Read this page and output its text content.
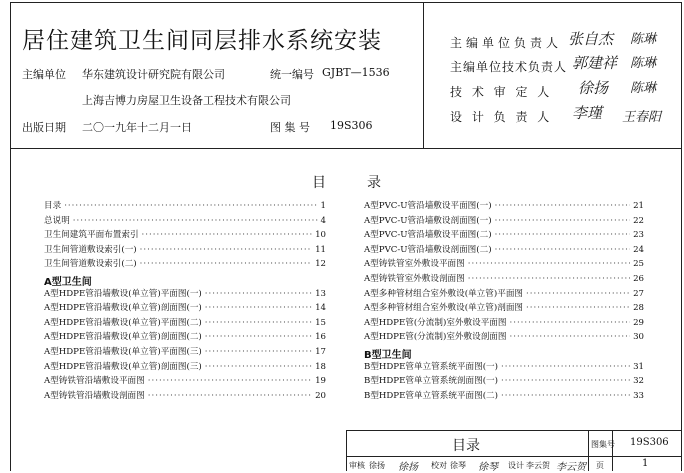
居住建筑卫生间同层排水系统安装
主编单位 华东建筑设计研究院有限公司	统一编号 GJBT—1536
上海吉博力房屋卫生设备工程技术有限公司
出版日期 二〇一九年十二月一日	图 集 号 19S306
主编单位负责人 张自杰 陈琳
主编单位技术负责人 郭建祥 陈琳
技 术 审 定 人 徐扬 陈琳
设 计 负 责 人 李瑾 王春阳
目	录
目录 ·····	1
总说明 ·····	4
卫生间建筑平面布置索引 ·····	10
卫生间管道敷设索引(一) ·····	11
卫生间管道敷设索引(二) ·····	12
A型卫生间
A型HDPE管沿墙敷设(单立管)平面图(一) ·····	13
A型HDPE管沿墙敷设(单立管)剖面图(一) ·····	14
A型HDPE管沿墙敷设(单立管)平面图(二) ·····	15
A型HDPE管沿墙敷设(单立管)剖面图(二) ·····	16
A型HDPE管沿墙敷设(单立管)平面图(三) ·····	17
A型HDPE管沿墙敷设(单立管)剖面图(三) ·····	18
A型铸铁管沿墙敷设平面图 ·····	19
A型铸铁管沿墙敷设剖面图 ·····	20
A型PVC-U管沿墙敷设平面图(一) ·····	21
A型PVC-U管沿墙敷设剖面图(一) ·····	22
A型PVC-U管沿墙敷设平面图(二) ·····	23
A型PVC-U管沿墙敷设剖面图(二) ·····	24
A型铸铁管室外敷设平面图 ·····	25
A型铸铁管室外敷设剖面图 ·····	26
A型多种管材组合室外敷设(单立管)平面图 ·····	27
A型多种管材组合室外敷设(单立管)剖面图 ·····	28
A型HDPE管(分流制)室外敷设平面图 ·····	29
A型HDPE管(分流制)室外敷设剖面图 ·····	30
B型卫生间
B型HDPE管单立管系统平面图(一) ·····	31
B型HDPE管单立管系统剖面图(一) ·····	32
B型HDPE管单立管系统平面图(二) ·····	33
目录	图集号 19S306
审核 徐扬 徐扬 校对 徐琴 徐琴 设计 李云贺 李云贺 页	1
